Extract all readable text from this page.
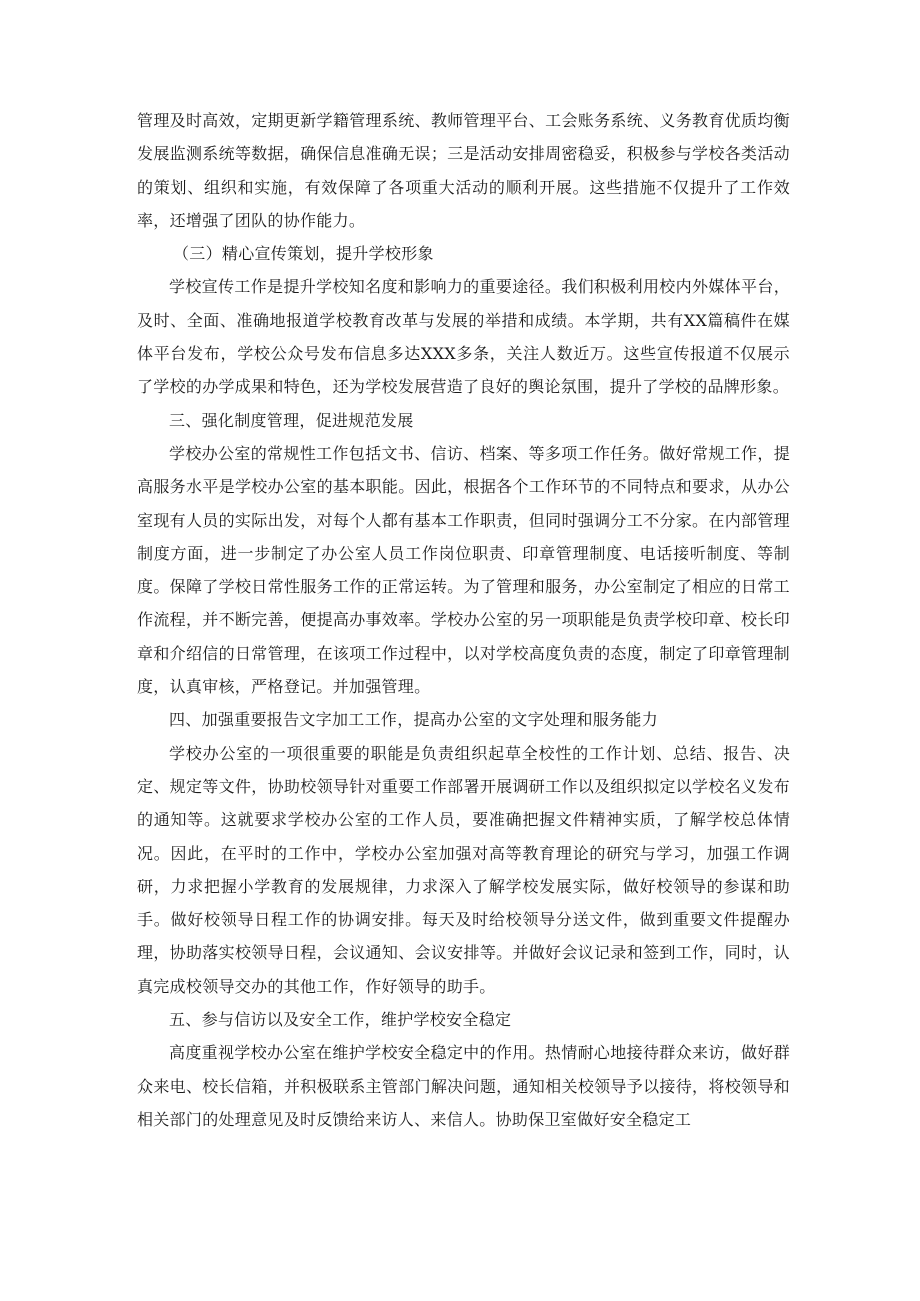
管理及时高效，定期更新学籍管理系统、教师管理平台、工会账务系统、义务教育优质均衡发展监测系统等数据，确保信息准确无误；三是活动安排周密稳妥，积极参与学校各类活动的策划、组织和实施，有效保障了各项重大活动的顺利开展。这些措施不仅提升了工作效率，还增强了团队的协作能力。

（三）精心宣传策划，提升学校形象

学校宣传工作是提升学校知名度和影响力的重要途径。我们积极利用校内外媒体平台，及时、全面、准确地报道学校教育改革与发展的举措和成绩。本学期，共有XX篇稿件在媒体平台发布，学校公众号发布信息多达XXX多条，关注人数近万。这些宣传报道不仅展示了学校的办学成果和特色，还为学校发展营造了良好的舆论氛围，提升了学校的品牌形象。

三、强化制度管理，促进规范发展

学校办公室的常规性工作包括文书、信访、档案、等多项工作任务。做好常规工作，提高服务水平是学校办公室的基本职能。因此，根据各个工作环节的不同特点和要求，从办公室现有人员的实际出发，对每个人都有基本工作职责，但同时强调分工不分家。在内部管理制度方面，进一步制定了办公室人员工作岗位职责、印章管理制度、电话接听制度、等制度。保障了学校日常性服务工作的正常运转。为了管理和服务，办公室制定了相应的日常工作流程，并不断完善，便提高办事效率。学校办公室的另一项职能是负责学校印章、校长印章和介绍信的日常管理，在该项工作过程中，以对学校高度负责的态度，制定了印章管理制度，认真审核，严格登记。并加强管理。

四、加强重要报告文字加工工作，提高办公室的文字处理和服务能力

学校办公室的一项很重要的职能是负责组织起草全校性的工作计划、总结、报告、决定、规定等文件，协助校领导针对重要工作部署开展调研工作以及组织拟定以学校名义发布的通知等。这就要求学校办公室的工作人员，要准确把握文件精神实质，了解学校总体情况。因此，在平时的工作中，学校办公室加强对高等教育理论的研究与学习，加强工作调研，力求把握小学教育的发展规律，力求深入了解学校发展实际，做好校领导的参谋和助手。做好校领导日程工作的协调安排。每天及时给校领导分送文件，做到重要文件提醒办理，协助落实校领导日程，会议通知、会议安排等。并做好会议记录和签到工作，同时，认真完成校领导交办的其他工作，作好领导的助手。

五、参与信访以及安全工作，维护学校安全稳定

高度重视学校办公室在维护学校安全稳定中的作用。热情耐心地接待群众来访，做好群众来电、校长信箱，并积极联系主管部门解决问题，通知相关校领导予以接待，将校领导和相关部门的处理意见及时反馈给来访人、来信人。协助保卫室做好安全稳定工
